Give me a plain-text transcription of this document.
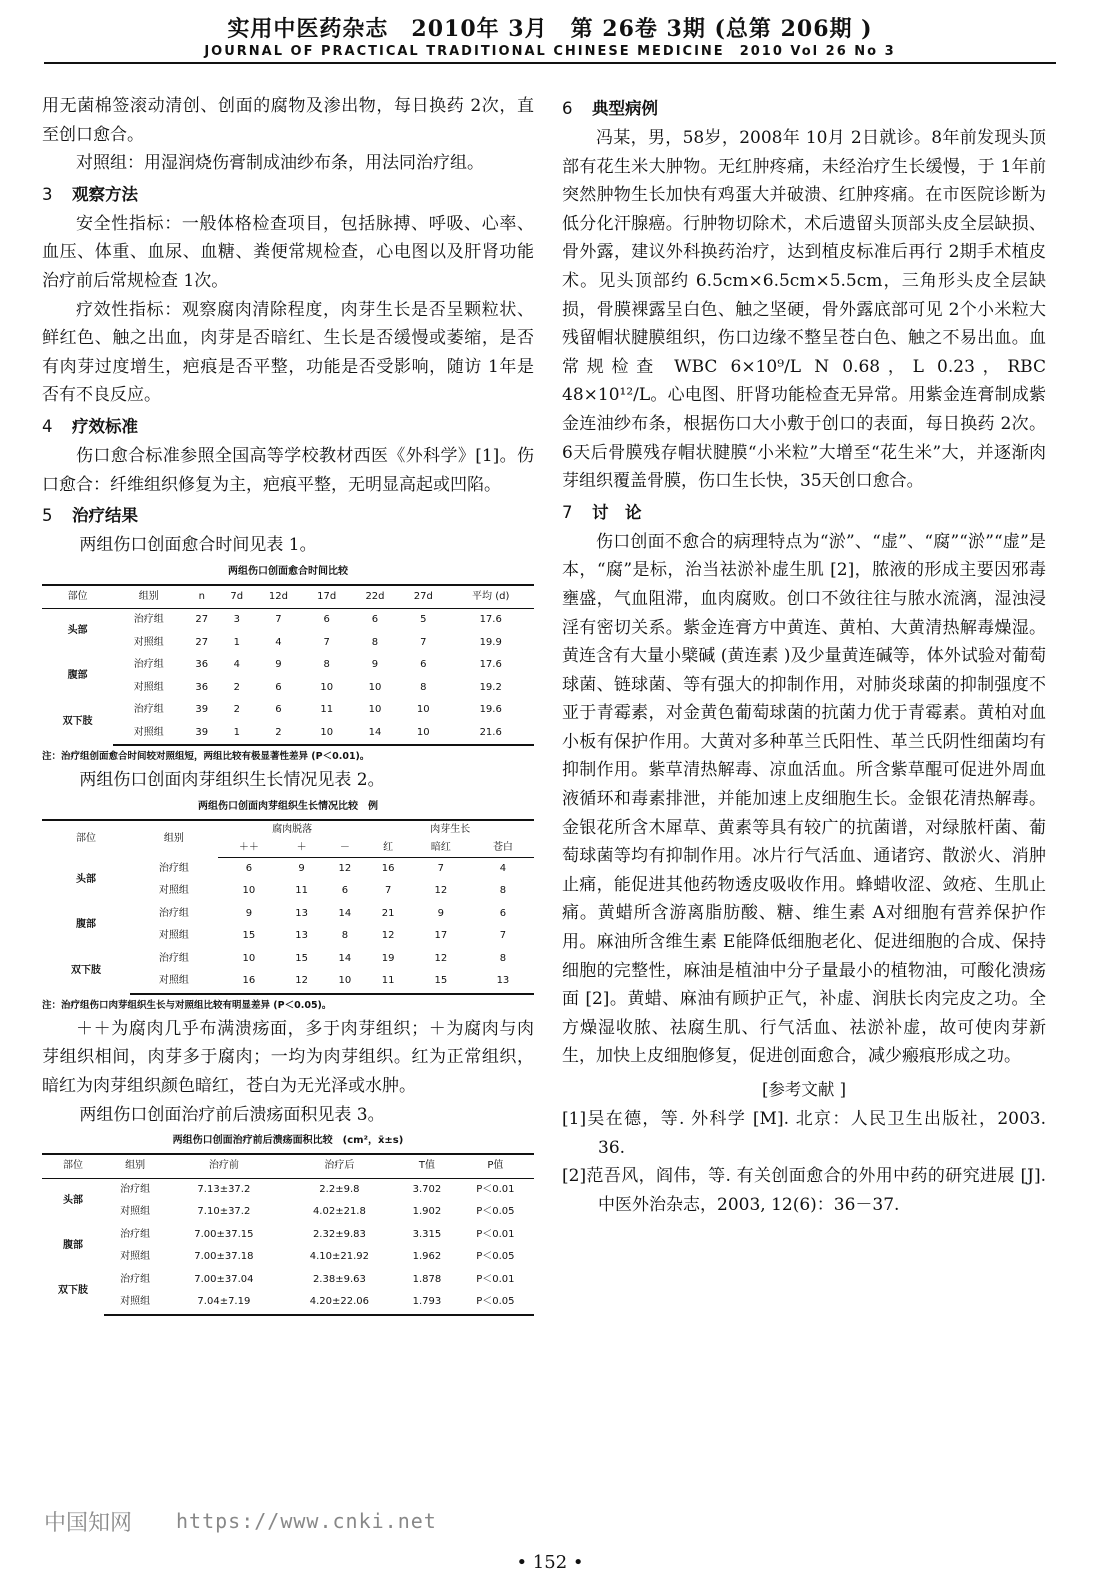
实用中医药杂志　2010年 3月　第 26卷 3期 (总第 206期 )
JOURNAL OF PRACTICAL TRADITIONAL CHINESE MEDICINE　2010 Vol 26 No 3

用无菌棉签滚动清创、创面的腐物及渗出物，每日换药 2次，直至创口愈合。

对照组：用湿润烧伤膏制成油纱布条，用法同治疗组。

3 观察方法

安全性指标：一般体格检查项目，包括脉搏、呼吸、心率、血压、体重、血尿、血糖、粪便常规检查，心电图以及肝肾功能治疗前后常规检查 1次。

疗效性指标：观察腐肉清除程度，肉芽生长是否呈颗粒状、鲜红色、触之出血，肉芽是否暗红、生长是否缓慢或萎缩，是否有肉芽过度增生，疤痕是否平整，功能是否受影响，随访 1年是否有不良反应。

4 疗效标准

伤口愈合标准参照全国高等学校教材西医《外科学》[1]。伤口愈合：纤维组织修复为主，疤痕平整，无明显高起或凹陷。

5 治疗结果

两组伤口创面愈合时间见表 1。

两组伤口创面愈合时间比较
部位	组别	n	7d	12d	17d	22d	27d	平均 (d)
头部	治疗组	27	3	7	6	6	5	17.6
	对照组	27	1	4	7	8	7	19.9
腹部	治疗组	36	4	9	8	9	6	17.6
	对照组	36	2	6	10	10	8	19.2
双下肢	治疗组	39	2	6	11	10	10	19.6
	对照组	39	1	2	10	14	10	21.6
注：治疗组创面愈合时间较对照组短，两组比较有极显著性差异 (P＜0.01)。

两组伤口创面肉芽组织生长情况见表 2。

两组伤口创面肉芽组织生长情况比较　例
部位	组别	腐肉脱落			肉芽生长		
		＋＋	＋	－	红	暗红	苍白
头部	治疗组	6	9	12	16	7	4
	对照组	10	11	6	7	12	8
腹部	治疗组	9	13	14	21	9	6
	对照组	15	13	8	12	17	7
双下肢	治疗组	10	15	14	19	12	8
	对照组	16	12	10	11	15	13
注：治疗组伤口肉芽组织生长与对照组比较有明显差异 (P＜0.05)。

＋＋为腐肉几乎布满溃疡面，多于肉芽组织；＋为腐肉与肉芽组织相间，肉芽多于腐肉；一均为肉芽组织。红为正常组织，暗红为肉芽组织颜色暗红，苍白为无光泽或水肿。

两组伤口创面治疗前后溃疡面积见表 3。

两组伤口创面治疗前后溃疡面积比较　(cm²，x̄±s)
部位	组别	治疗前	治疗后	T值	P值
头部	治疗组	7.13±37.2	2.2±9.8	3.702	P＜0.01
	对照组	7.10±37.2	4.02±21.8	1.902	P＜0.05
腹部	治疗组	7.00±37.15	2.32±9.83	3.315	P＜0.01
	对照组	7.00±37.18	4.10±21.92	1.962	P＜0.05
双下肢	治疗组	7.00±37.04	2.38±9.63	1.878	P＜0.01
	对照组	7.04±7.19	4.20±22.06	1.793	P＜0.05
6 典型病例

冯某，男，58岁，2008年 10月 2日就诊。8年前发现头顶部有花生米大肿物。无红肿疼痛，未经治疗生长缓慢，于 1年前突然肿物生长加快有鸡蛋大并破溃、红肿疼痛。在市医院诊断为低分化汗腺癌。行肿物切除术，术后遗留头顶部头皮全层缺损、骨外露，建议外科换药治疗，达到植皮标准后再行 2期手术植皮术。见头顶部约 6.5cm×6.5cm×5.5cm，三角形头皮全层缺损，骨膜裸露呈白色、触之坚硬，骨外露底部可见 2个小米粒大残留帽状腱膜组织，伤口边缘不整呈苍白色、触之不易出血。血常规检查 WBC 6×10⁹/L N 0.68，L 0.23，RBC 48×10¹²/L。心电图、肝肾功能检查无异常。用紫金连膏制成紫金连油纱布条，根据伤口大小敷于创口的表面，每日换药 2次。6天后骨膜残存帽状腱膜“小米粒”大增至“花生米”大，并逐渐肉芽组织覆盖骨膜，伤口生长快，35天创口愈合。

7 讨　论

伤口创面不愈合的病理特点为“淤”、“虚”、“腐”“淤”“虚”是本，“腐”是标，治当祛淤补虚生肌 [2]，脓液的形成主要因邪毒壅盛，气血阻滞，血肉腐败。创口不敛往往与脓水流漓，湿浊浸淫有密切关系。紫金连膏方中黄连、黄柏、大黄清热解毒燥湿。黄连含有大量小檗碱 (黄连素 )及少量黄连碱等，体外试验对葡萄球菌、链球菌、等有强大的抑制作用，对肺炎球菌的抑制强度不亚于青霉素，对金黄色葡萄球菌的抗菌力优于青霉素。黄柏对血小板有保护作用。大黄对多种革兰氏阳性、革兰氏阴性细菌均有抑制作用。紫草清热解毒、凉血活血。所含紫草醌可促进外周血液循环和毒素排泄，并能加速上皮细胞生长。金银花清热解毒。金银花所含木犀草、黄素等具有较广的抗菌谱，对绿脓杆菌、葡萄球菌等均有抑制作用。冰片行气活血、通诸窍、散淤火、消肿止痛，能促进其他药物透皮吸收作用。蜂蜡收涩、敛疮、生肌止痛。黄蜡所含游离脂肪酸、糖、维生素 A对细胞有营养保护作用。麻油所含维生素 E能降低细胞老化、促进细胞的合成、保持细胞的完整性，麻油是植油中分子量最小的植物油，可酸化溃疡面 [2]。黄蜡、麻油有顾护正气，补虚、润肤长肉完皮之功。全方燥湿收脓、祛腐生肌、行气活血、祛淤补虚，故可使肉芽新生，加快上皮细胞修复，促进创面愈合，减少瘢痕形成之功。

[参考文献 ]
[1]吴在德，等. 外科学 [M]. 北京：人民卫生出版社，2003. 36.
[2]范吾风，阎伟，等. 有关创面愈合的外用中药的研究进展 [J]. 中医外治杂志，2003, 12(6)：36－37.
中国知网 https://www.cnki.net
• 152 •
